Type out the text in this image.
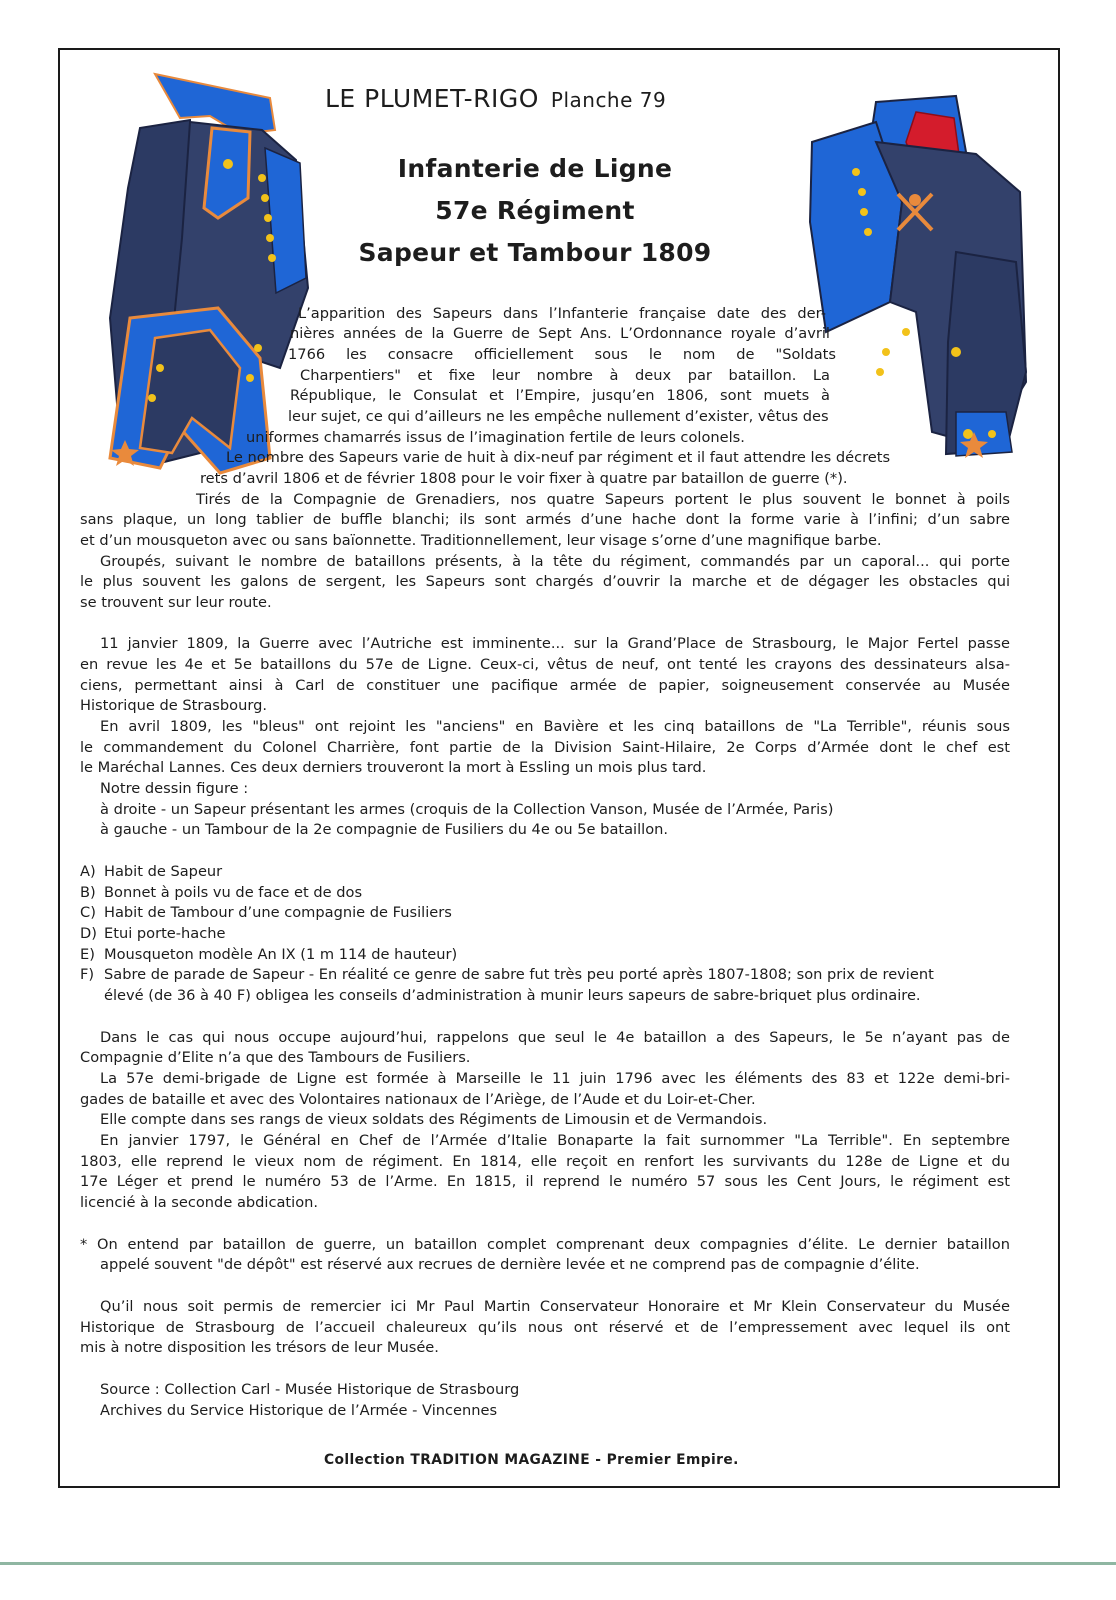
LE PLUMET-RIGO Planche 79
Infanterie de Ligne
57e Régiment
Sapeur et Tambour 1809
L’apparition des Sapeurs dans l’Infanterie française date des der-
nières années de la Guerre de Sept Ans. L’Ordonnance royale d’avril
1766 les consacre officiellement sous le nom de "Soldats
Charpentiers" et fixe leur nombre à deux par bataillon. La
République, le Consulat et l’Empire, jusqu’en 1806, sont muets à
leur sujet, ce qui d’ailleurs ne les empêche nullement d’exister, vêtus des
uniformes chamarrés issus de l’imagination fertile de leurs colonels.
Le nombre des Sapeurs varie de huit à dix-neuf par régiment et il faut attendre les décrets
rets d’avril 1806 et de février 1808 pour le voir fixer à quatre par bataillon de guerre (*).
Tirés de la Compagnie de Grenadiers, nos quatre Sapeurs portent le plus souvent le bonnet à poils
sans plaque, un long tablier de buffle blanchi; ils sont armés d’une hache dont la forme varie à l’infini; d’un sabre
et d’un mousqueton avec ou sans baïonnette. Traditionnellement, leur visage s’orne d’une magnifique barbe.
Groupés, suivant le nombre de bataillons présents, à la tête du régiment, commandés par un caporal... qui porte
le plus souvent les galons de sergent, les Sapeurs sont chargés d’ouvrir la marche et de dégager les obstacles qui
se trouvent sur leur route.
11 janvier 1809, la Guerre avec l’Autriche est imminente... sur la Grand’Place de Strasbourg, le Major Fertel passe
en revue les 4e et 5e bataillons du 57e de Ligne. Ceux-ci, vêtus de neuf, ont tenté les crayons des dessinateurs alsa-
ciens, permettant ainsi à Carl de constituer une pacifique armée de papier, soigneusement conservée au Musée
Historique de Strasbourg.
En avril 1809, les "bleus" ont rejoint les "anciens" en Bavière et les cinq bataillons de "La Terrible", réunis sous
le commandement du Colonel Charrière, font partie de la Division Saint-Hilaire, 2e Corps d’Armée dont le chef est
le Maréchal Lannes. Ces deux derniers trouveront la mort à Essling un mois plus tard.
Notre dessin figure :
à droite - un Sapeur présentant les armes (croquis de la Collection Vanson, Musée de l’Armée, Paris)
à gauche - un Tambour de la 2e compagnie de Fusiliers du 4e ou 5e bataillon.
A) Habit de Sapeur
B) Bonnet à poils vu de face et de dos
C) Habit de Tambour d’une compagnie de Fusiliers
D) Etui porte-hache
E) Mousqueton modèle An IX (1 m 114 de hauteur)
F) Sabre de parade de Sapeur - En réalité ce genre de sabre fut très peu porté après 1807-1808; son prix de revient
élevé (de 36 à 40 F) obligea les conseils d’administration à munir leurs sapeurs de sabre-briquet plus ordinaire.
Dans le cas qui nous occupe aujourd’hui, rappelons que seul le 4e bataillon a des Sapeurs, le 5e n’ayant pas de
Compagnie d’Elite n’a que des Tambours de Fusiliers.
La 57e demi-brigade de Ligne est formée à Marseille le 11 juin 1796 avec les éléments des 83 et 122e demi-bri-
gades de bataille et avec des Volontaires nationaux de l’Ariège, de l’Aude et du Loir-et-Cher.
Elle compte dans ses rangs de vieux soldats des Régiments de Limousin et de Vermandois.
En janvier 1797, le Général en Chef de l’Armée d’Italie Bonaparte la fait surnommer "La Terrible". En septembre
1803, elle reprend le vieux nom de régiment. En 1814, elle reçoit en renfort les survivants du 128e de Ligne et du
17e Léger et prend le numéro 53 de l’Arme. En 1815, il reprend le numéro 57 sous les Cent Jours, le régiment est
licencié à la seconde abdication.
* On entend par bataillon de guerre, un bataillon complet comprenant deux compagnies d’élite. Le dernier bataillon
appelé souvent "de dépôt" est réservé aux recrues de dernière levée et ne comprend pas de compagnie d’élite.
Qu’il nous soit permis de remercier ici Mr Paul Martin Conservateur Honoraire et Mr Klein Conservateur du Musée
Historique de Strasbourg de l’accueil chaleureux qu’ils nous ont réservé et de l’empressement avec lequel ils ont
mis à notre disposition les trésors de leur Musée.
Source : Collection Carl - Musée Historique de Strasbourg
Archives du Service Historique de l’Armée - Vincennes
Collection TRADITION MAGAZINE - Premier Empire.
